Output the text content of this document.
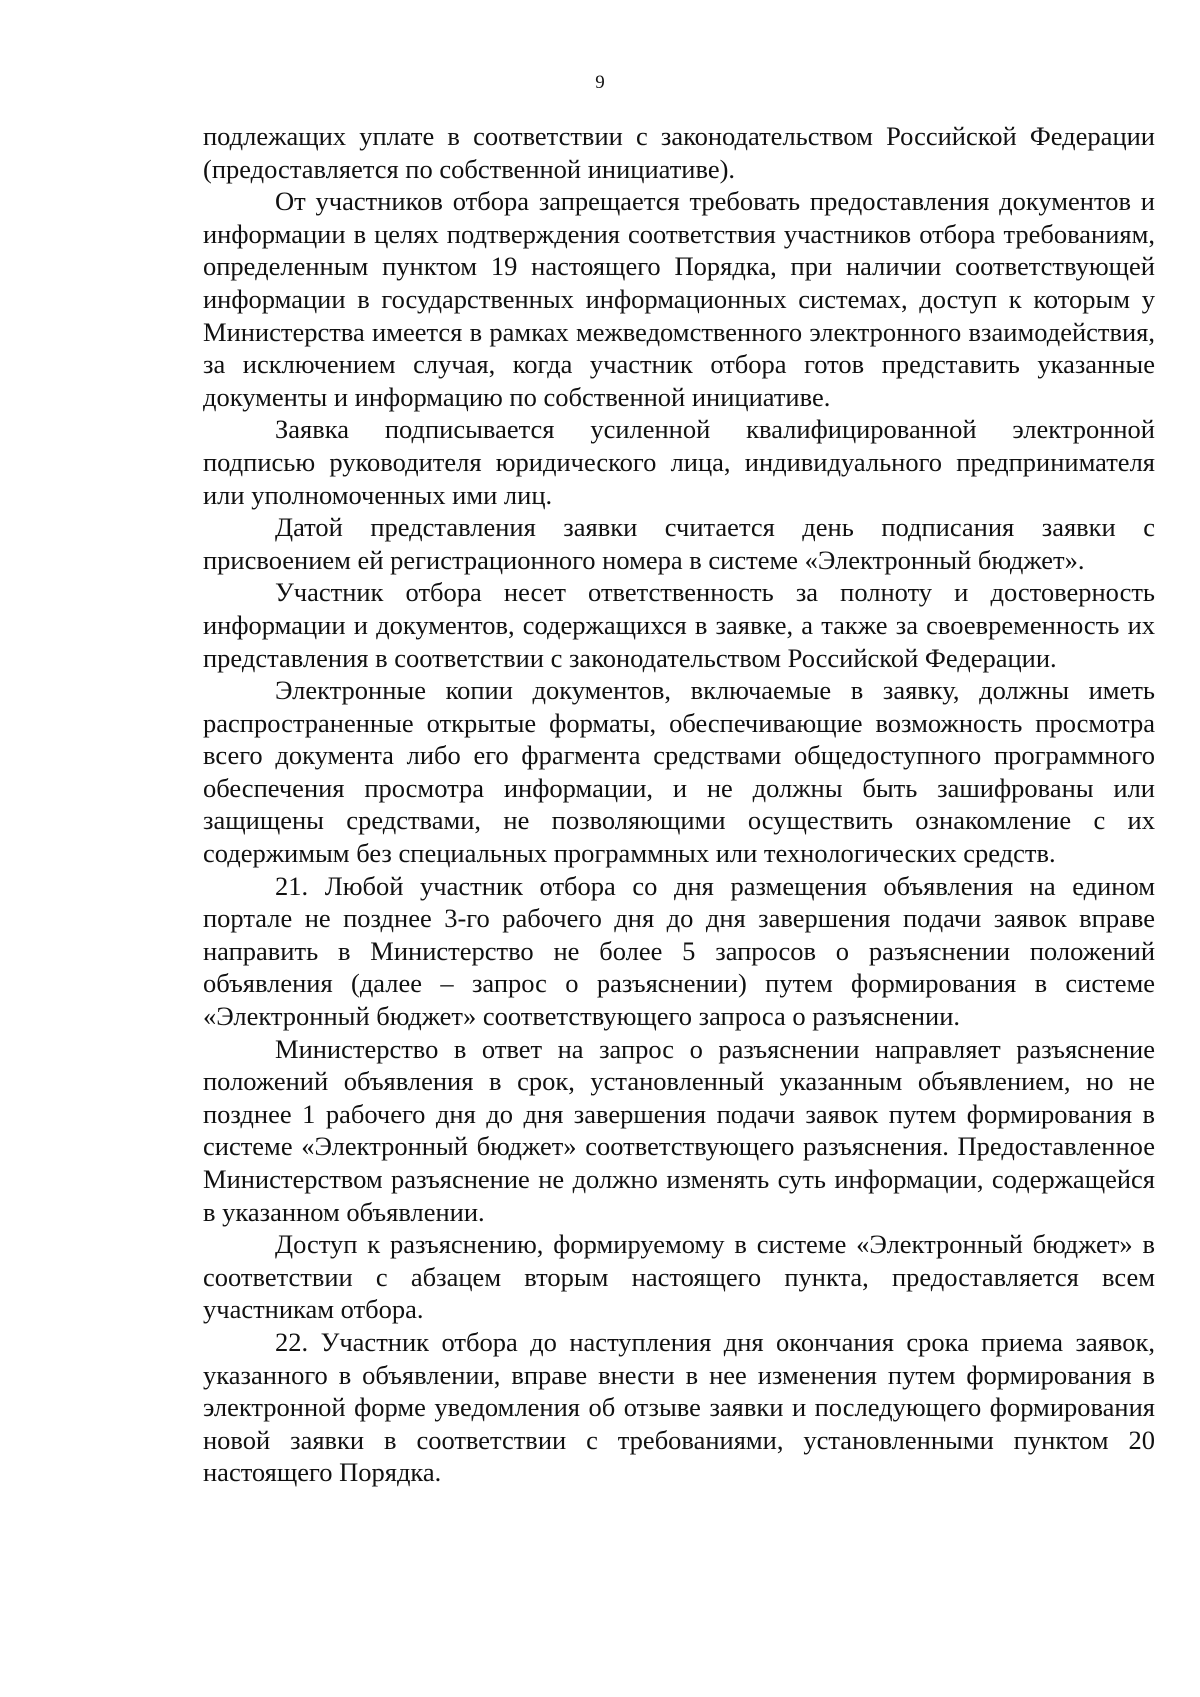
9

подлежащих уплате в соответствии с законодательством Российской Федерации (предоставляется по собственной инициативе).

От участников отбора запрещается требовать предоставления документов и информации в целях подтверждения соответствия участников отбора требованиям, определенным пунктом 19 настоящего Порядка, при наличии соответствующей информации в государственных информационных системах, доступ к которым у Министерства имеется в рамках межведомственного электронного взаимодействия, за исключением случая, когда участник отбора готов представить указанные документы и информацию по собственной инициативе.

Заявка подписывается усиленной квалифицированной электронной подписью руководителя юридического лица, индивидуального предпринимателя или уполномоченных ими лиц.

Датой представления заявки считается день подписания заявки с присвоением ей регистрационного номера в системе «Электронный бюджет».

Участник отбора несет ответственность за полноту и достоверность информации и документов, содержащихся в заявке, а также за своевременность их представления в соответствии с законодательством Российской Федерации.

Электронные копии документов, включаемые в заявку, должны иметь распространенные открытые форматы, обеспечивающие возможность просмотра всего документа либо его фрагмента средствами общедоступного программного обеспечения просмотра информации, и не должны быть зашифрованы или защищены средствами, не позволяющими осуществить ознакомление с их содержимым без специальных программных или технологических средств.

21. Любой участник отбора со дня размещения объявления на едином портале не позднее 3-го рабочего дня до дня завершения подачи заявок вправе направить в Министерство не более 5 запросов о разъяснении положений объявления (далее – запрос о разъяснении) путем формирования в системе «Электронный бюджет» соответствующего запроса о разъяснении.

Министерство в ответ на запрос о разъяснении направляет разъяснение положений объявления в срок, установленный указанным объявлением, но не позднее 1 рабочего дня до дня завершения подачи заявок путем формирования в системе «Электронный бюджет» соответствующего разъяснения. Предоставленное Министерством разъяснение не должно изменять суть информации, содержащейся в указанном объявлении.

Доступ к разъяснению, формируемому в системе «Электронный бюджет» в соответствии с абзацем вторым настоящего пункта, предоставляется всем участникам отбора.

22. Участник отбора до наступления дня окончания срока приема заявок, указанного в объявлении, вправе внести в нее изменения путем формирования в электронной форме уведомления об отзыве заявки и последующего формирования новой заявки в соответствии с требованиями, установленными пунктом 20 настоящего Порядка.
